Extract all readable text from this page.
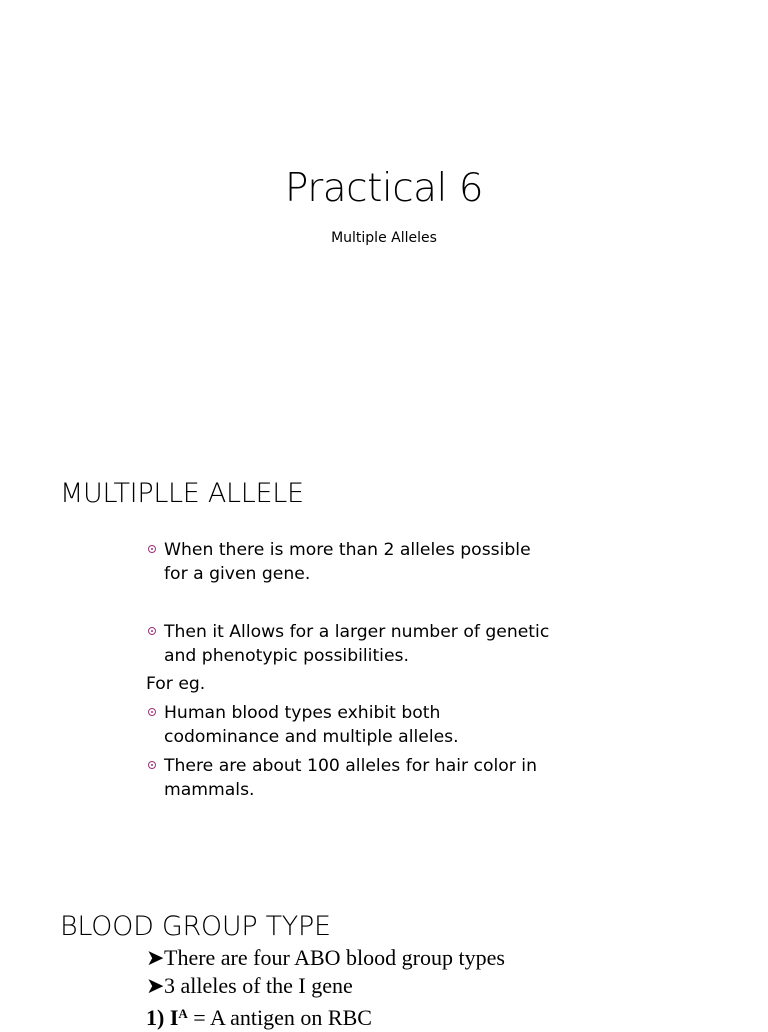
Practical 6
Multiple Alleles
MULTIPLLE ALLELE
When there is more than 2 alleles possible
for a given gene.
Then it Allows for a larger number of genetic
and phenotypic possibilities.
For eg.
Human blood types exhibit both
codominance and multiple alleles.
There are about 100 alleles for hair color in
mammals.
BLOOD GROUP TYPE
➤There are four ABO blood group types
➤3 alleles of the I gene
1) $I^A = A$ antigen on RBC
